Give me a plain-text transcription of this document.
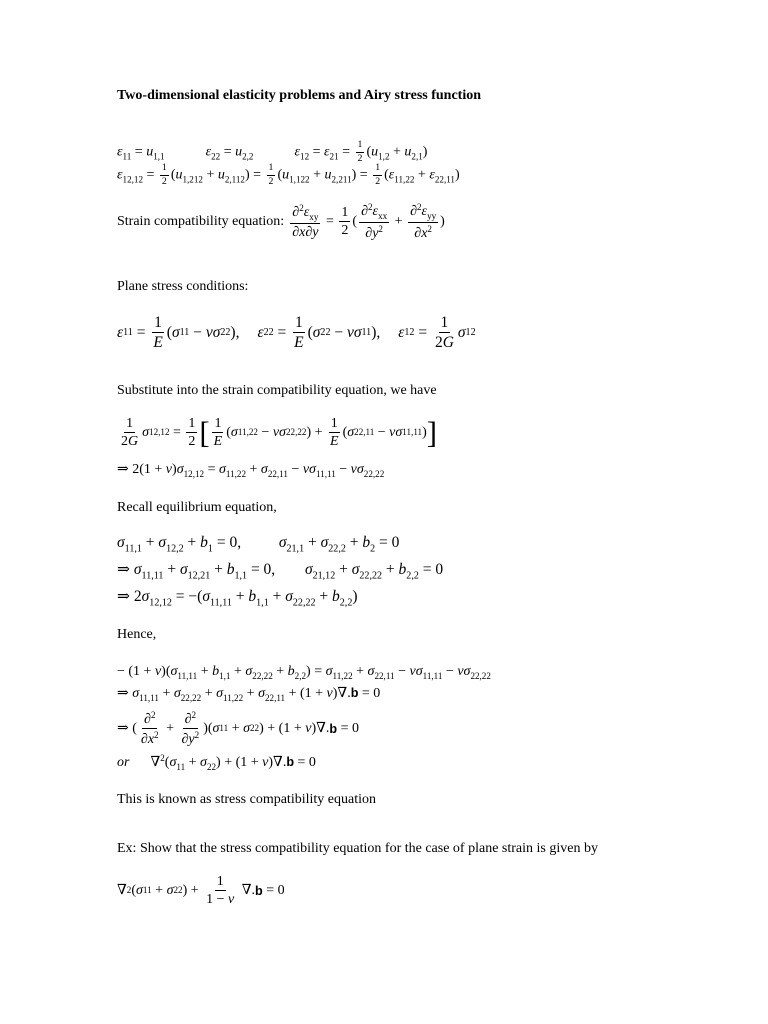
Two-dimensional elasticity problems and Airy stress function
$\varepsilon_{11} = u_{1,1}$	$\varepsilon_{22} = u_{2,2}$	$\varepsilon_{12} = \varepsilon_{21} = \frac{1}{2} (u_{1,2} + u_{2,1})$
$\varepsilon_{12,12} = \frac{1}{2} (u_{1,212} + u_{2,112}) = \frac{1}{2} (u_{1,122} + u_{2,211}) = \frac{1}{2} (\varepsilon_{11,22} + \varepsilon_{22,11})$
Strain compatibility equation: $\frac{\partial^2\varepsilon_{xy}}{\partial x\partial y} = \frac{1}{2}$ ( $\frac{\partial^2\varepsilon_{xx}}{\partial y^2} + \frac{\partial^2\varepsilon_{yy}}{\partial x^2}$ )
Plane stress conditions:
ε $11 = \frac{1}{E}$ ( σ 11 − νσ 22 ), ε $22 = \frac{1}{E}$ ( σ 22 − νσ 11 ), ε $12 = \frac{1}{2G}$ σ 12
Substitute into the strain compatibility equation, we have
$\frac{1}{2G}$ σ $12,12 = \frac{1}{2}$ [ $\frac{1}{E}$ ( σ 11,22 − νσ 22,22 ) + $\frac{1}{E}$ ( σ 22,11 − νσ 11,11 ) ]
⇒ $2(1 + \nu)\sigma_{12,12} = \sigma_{11,22} + \sigma_{22,11} - \nu\sigma_{11,11} - \nu\sigma_{22,22}$
Recall equilibrium equation,
$\sigma_{11,1} + \sigma_{12,2} + b_1 = 0$,  $\sigma_{21,1} + \sigma_{22,2} + b_2 = 0$
⇒ $\sigma_{11,11} + \sigma_{12,21} + b_{1,1} = 0$,  $\sigma_{21,12} + \sigma_{22,22} + b_{2,2} = 0$
⇒ $2\sigma_{12,12} = -(\sigma_{11,11} + b_{1,1} + \sigma_{22,22} + b_{2,2})$
Hence,
− $(1 + \nu)(\sigma_{11,11} + b_{1,1} + \sigma_{22,22} + b_{2,2}) = \sigma_{11,22} + \sigma_{22,11} - \nu\sigma_{11,11} - \nu\sigma_{22,22}$
⇒ $\sigma_{11,11} + \sigma_{22,22} + \sigma_{11,22} + \sigma_{22,11} + (1 + \nu)\nabla.b = 0$
⇒ ( $\frac{\partial^2}{\partial x^2} + \frac{\partial^2}{\partial y^2}$ )( σ 11 + σ 22 ) + (1 + ν )∇. b = 0
or  $\nabla^2(\sigma_{11} + \sigma_{22}) + (1 + \nu)\nabla.b = 0$
This is known as stress compatibility equation
Ex: Show that the stress compatibility equation for the case of plane strain is given by
∇ 2 ( σ 11 + σ 22 ) + $\frac{1}{1 - \nu}$ ∇. b = 0
